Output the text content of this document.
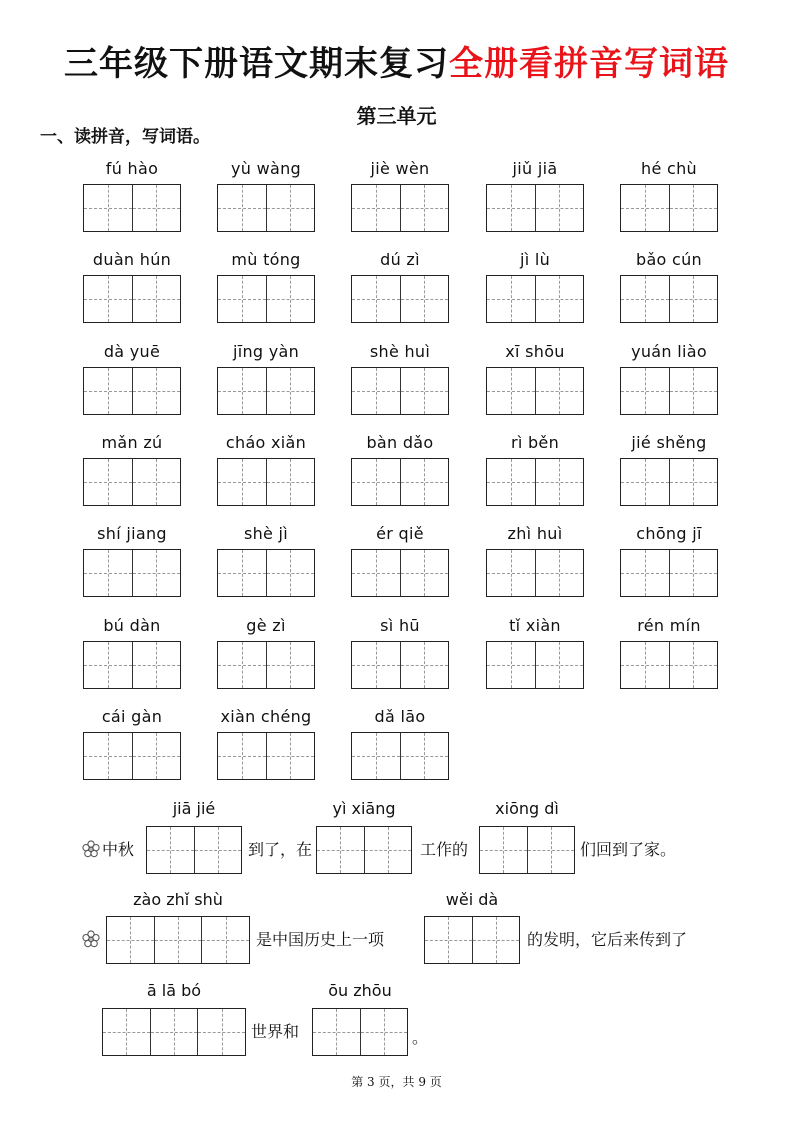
三年级下册语文期末复习全册看拼音写词语
第三单元
一、读拼音，写词语。
fú hào	yù wàng	jiè wèn	jiǔ jiā	hé chù
duàn hún	mù tóng	dú zì	jì lù	bǎo cún
dà yuē	jīng yàn	shè huì	xī shōu	yuán liào
mǎn zú	cháo xiǎn	bàn dǎo	rì běn	jié shěng
shí jiang	shè jì	ér qiě	zhì huì	chōng jī
bú dàn	gè zì	sì hū	tǐ xiàn	rén mín
cái gàn	xiàn chéng	dǎ lāo
中秋
jiā jié
到了，在
yì xiāng
工作的
xiōng dì
们回到了家。
zào zhǐ shù
是中国历史上一项
wěi dà
的发明，它后来传到了
ā lā bó
世界和
ōu zhōu
。
第 3 页，共 9 页
